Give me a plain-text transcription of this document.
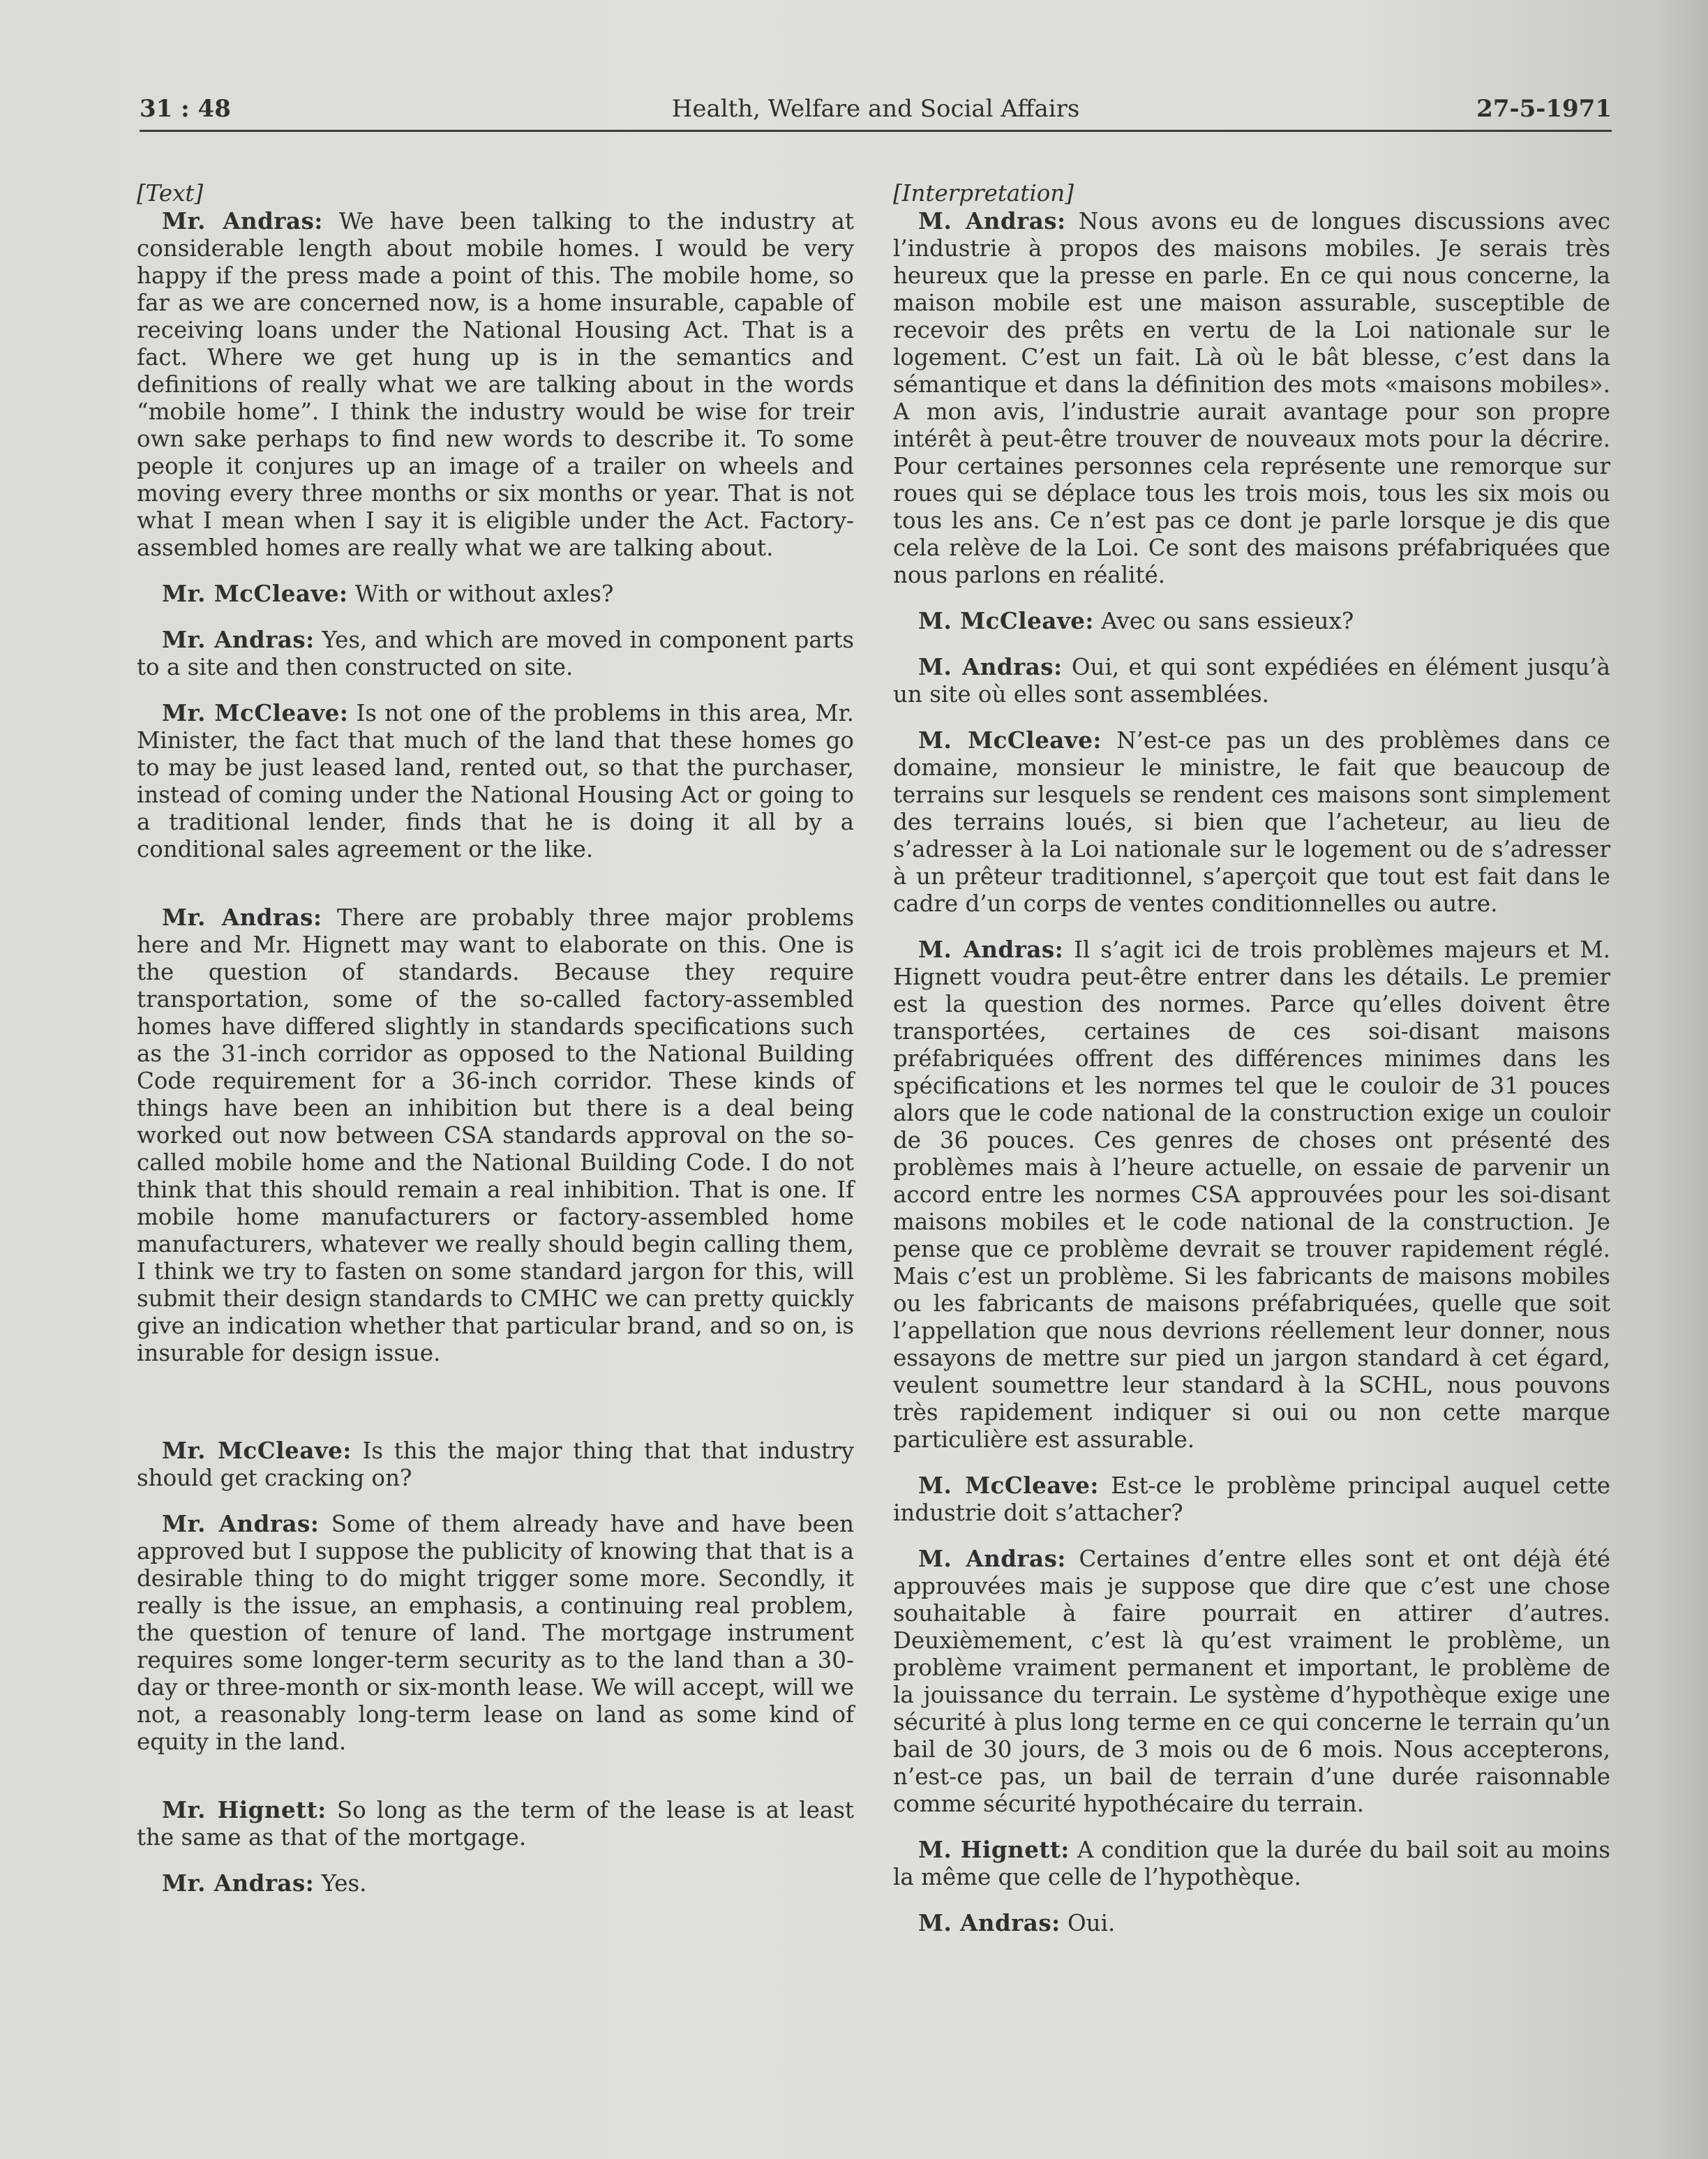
31 : 48	Health, Welfare and Social Affairs	27-5-1971

[Text]

Mr. Andras: We have been talking to the industry at considerable length about mobile homes. I would be very happy if the press made a point of this. The mobile home, so far as we are concerned now, is a home insurable, capable of receiving loans under the National Housing Act. That is a fact. Where we get hung up is in the semantics and definitions of really what we are talking about in the words “mobile home”. I think the industry would be wise for treir own sake perhaps to find new words to describe it. To some people it conjures up an image of a trailer on wheels and moving every three months or six months or year. That is not what I mean when I say it is eligible under the Act. Factory-assembled homes are really what we are talking about.

Mr. McCleave: With or without axles?

Mr. Andras: Yes, and which are moved in component parts to a site and then constructed on site.

Mr. McCleave: Is not one of the problems in this area, Mr. Minister, the fact that much of the land that these homes go to may be just leased land, rented out, so that the purchaser, instead of coming under the National Housing Act or going to a traditional lender, finds that he is doing it all by a conditional sales agreement or the like.

Mr. Andras: There are probably three major problems here and Mr. Hignett may want to elaborate on this. One is the question of standards. Because they require transportation, some of the so-called factory-assembled homes have differed slightly in standards specifications such as the 31-inch corridor as opposed to the National Building Code requirement for a 36-inch corridor. These kinds of things have been an inhibition but there is a deal being worked out now between CSA standards approval on the so-called mobile home and the National Building Code. I do not think that this should remain a real inhibition. That is one. If mobile home manufacturers or factory-assembled home manufacturers, whatever we really should begin calling them, I think we try to fasten on some standard jargon for this, will submit their design standards to CMHC we can pretty quickly give an indication whether that particular brand, and so on, is insurable for design issue.

Mr. McCleave: Is this the major thing that that industry should get cracking on?

Mr. Andras: Some of them already have and have been approved but I suppose the publicity of knowing that that is a desirable thing to do might trigger some more. Secondly, it really is the issue, an emphasis, a continuing real problem, the question of tenure of land. The mortgage instrument requires some longer-term security as to the land than a 30-day or three-month or six-month lease. We will accept, will we not, a reasonably long-term lease on land as some kind of equity in the land.

Mr. Hignett: So long as the term of the lease is at least the same as that of the mortgage.

Mr. Andras: Yes.

[Interpretation]

M. Andras: Nous avons eu de longues discussions avec l’industrie à propos des maisons mobiles. Je serais très heureux que la presse en parle. En ce qui nous concerne, la maison mobile est une maison assurable, susceptible de recevoir des prêts en vertu de la Loi nationale sur le logement. C’est un fait. Là où le bât blesse, c’est dans la sémantique et dans la définition des mots «maisons mobiles». A mon avis, l’industrie aurait avantage pour son propre intérêt à peut-être trouver de nouveaux mots pour la décrire. Pour certaines personnes cela représente une remorque sur roues qui se déplace tous les trois mois, tous les six mois ou tous les ans. Ce n’est pas ce dont je parle lorsque je dis que cela relève de la Loi. Ce sont des maisons préfabriquées que nous parlons en réalité.

M. McCleave: Avec ou sans essieux?

M. Andras: Oui, et qui sont expédiées en élément jusqu’à un site où elles sont assemblées.

M. McCleave: N’est-ce pas un des problèmes dans ce domaine, monsieur le ministre, le fait que beaucoup de terrains sur lesquels se rendent ces maisons sont simplement des terrains loués, si bien que l’acheteur, au lieu de s’adresser à la Loi nationale sur le logement ou de s’adresser à un prêteur traditionnel, s’aperçoit que tout est fait dans le cadre d’un corps de ventes conditionnelles ou autre.

M. Andras: Il s’agit ici de trois problèmes majeurs et M. Hignett voudra peut-être entrer dans les détails. Le premier est la question des normes. Parce qu’elles doivent être transportées, certaines de ces soi-disant maisons préfabriquées offrent des différences minimes dans les spécifications et les normes tel que le couloir de 31 pouces alors que le code national de la construction exige un couloir de 36 pouces. Ces genres de choses ont présenté des problèmes mais à l’heure actuelle, on essaie de parvenir un accord entre les normes CSA approuvées pour les soi-disant maisons mobiles et le code national de la construction. Je pense que ce problème devrait se trouver rapidement réglé. Mais c’est un problème. Si les fabricants de maisons mobiles ou les fabricants de maisons préfabriquées, quelle que soit l’appellation que nous devrions réellement leur donner, nous essayons de mettre sur pied un jargon standard à cet égard, veulent soumettre leur standard à la SCHL, nous pouvons très rapidement indiquer si oui ou non cette marque particulière est assurable.

M. McCleave: Est-ce le problème principal auquel cette industrie doit s’attacher?

M. Andras: Certaines d’entre elles sont et ont déjà été approuvées mais je suppose que dire que c’est une chose souhaitable à faire pourrait en attirer d’autres. Deuxièmement, c’est là qu’est vraiment le problème, un problème vraiment permanent et important, le problème de la jouissance du terrain. Le système d’hypothèque exige une sécurité à plus long terme en ce qui concerne le terrain qu’un bail de 30 jours, de 3 mois ou de 6 mois. Nous accepterons, n’est-ce pas, un bail de terrain d’une durée raisonnable comme sécurité hypothécaire du terrain.

M. Hignett: A condition que la durée du bail soit au moins la même que celle de l’hypothèque.

M. Andras: Oui.
